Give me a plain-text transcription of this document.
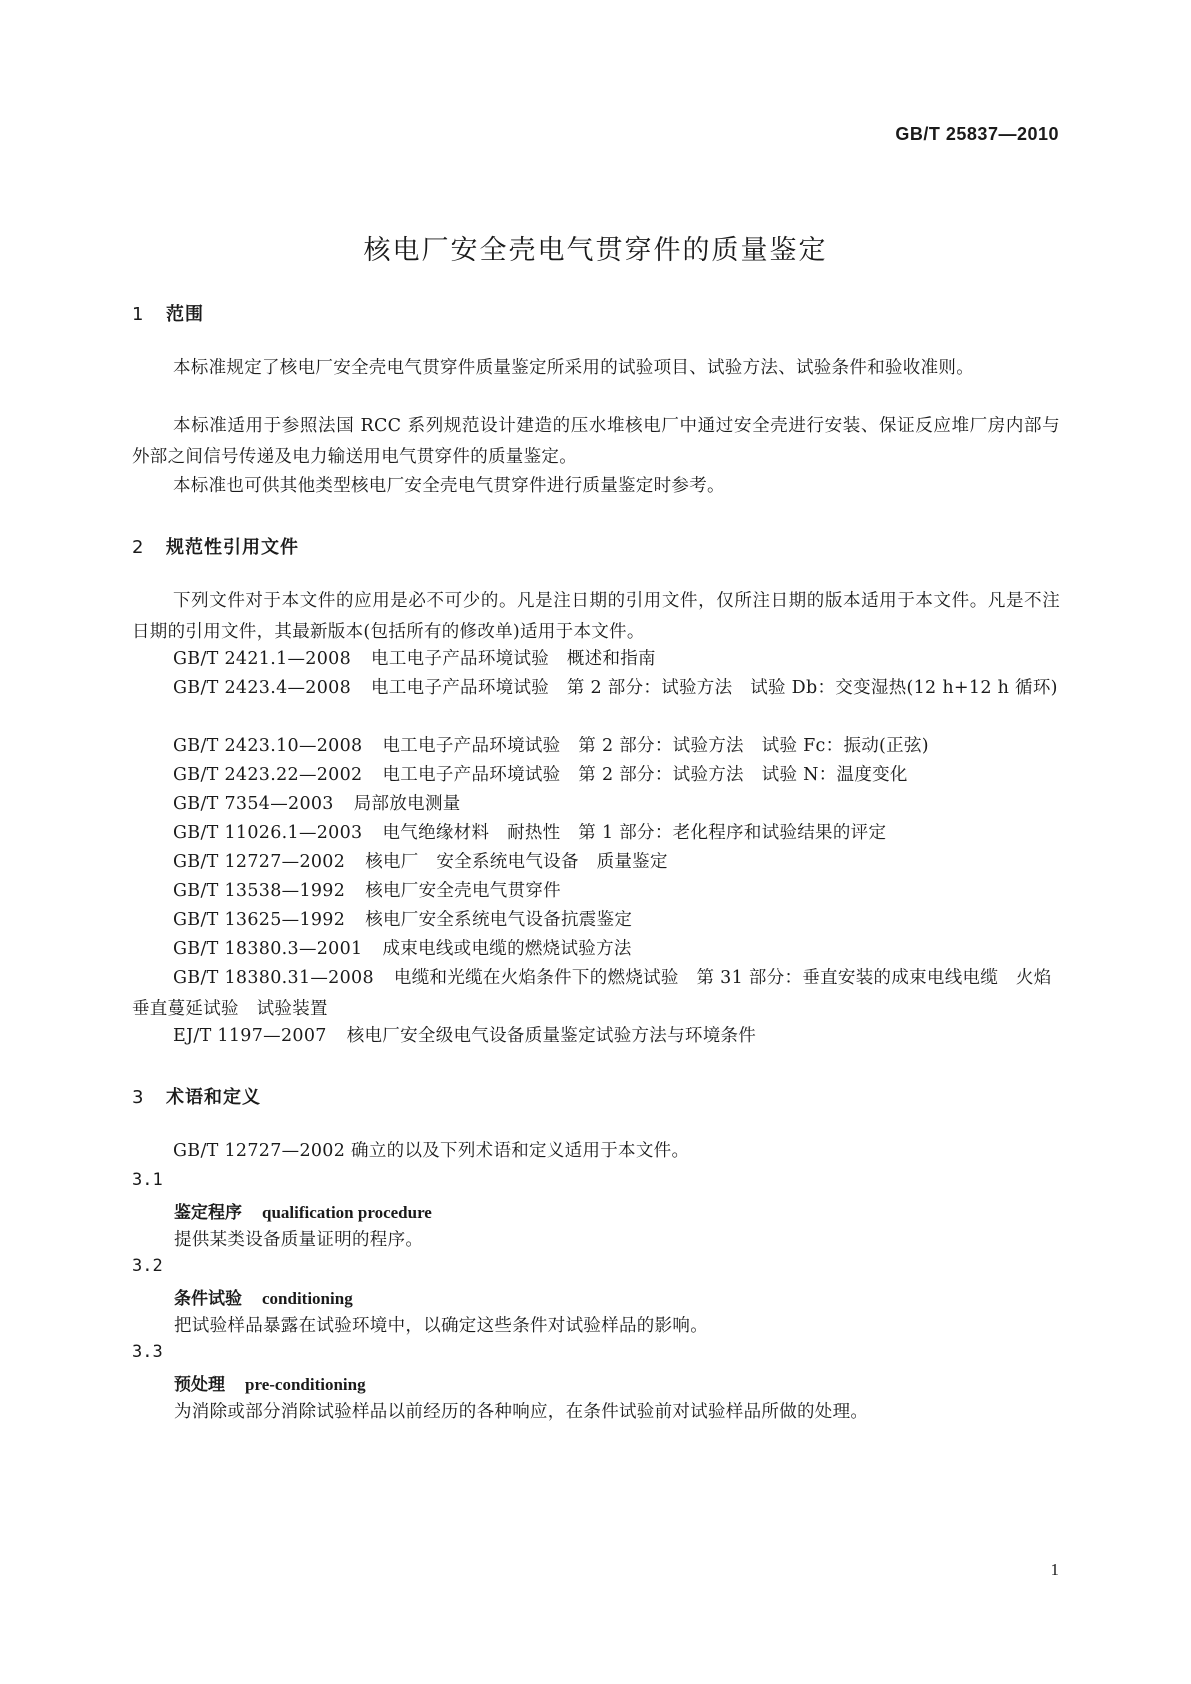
GB/T 25837—2010
核电厂安全壳电气贯穿件的质量鉴定
1 范围
本标准规定了核电厂安全壳电气贯穿件质量鉴定所采用的试验项目、试验方法、试验条件和验收准则。
本标准适用于参照法国 RCC 系列规范设计建造的压水堆核电厂中通过安全壳进行安装、保证反应堆厂房内部与外部之间信号传递及电力输送用电气贯穿件的质量鉴定。
本标准也可供其他类型核电厂安全壳电气贯穿件进行质量鉴定时参考。
2 规范性引用文件
下列文件对于本文件的应用是必不可少的。凡是注日期的引用文件，仅所注日期的版本适用于本文件。凡是不注日期的引用文件，其最新版本(包括所有的修改单)适用于本文件。
GB/T 2421.1—2008 电工电子产品环境试验　概述和指南
GB/T 2423.4—2008 电工电子产品环境试验　第 2 部分：试验方法　试验 Db：交变湿热(12 h+12 h 循环)
GB/T 2423.10—2008 电工电子产品环境试验　第 2 部分：试验方法　试验 Fc：振动(正弦)
GB/T 2423.22—2002 电工电子产品环境试验　第 2 部分：试验方法　试验 N：温度变化
GB/T 7354—2003 局部放电测量
GB/T 11026.1—2003 电气绝缘材料　耐热性　第 1 部分：老化程序和试验结果的评定
GB/T 12727—2002 核电厂　安全系统电气设备　质量鉴定
GB/T 13538—1992 核电厂安全壳电气贯穿件
GB/T 13625—1992 核电厂安全系统电气设备抗震鉴定
GB/T 18380.3—2001 成束电线或电缆的燃烧试验方法
GB/T 18380.31—2008 电缆和光缆在火焰条件下的燃烧试验　第 31 部分：垂直安装的成束电线电缆　火焰垂直蔓延试验　试验装置
EJ/T 1197—2007 核电厂安全级电气设备质量鉴定试验方法与环境条件
3 术语和定义
GB/T 12727—2002 确立的以及下列术语和定义适用于本文件。
3.1
鉴定程序 qualification procedure
提供某类设备质量证明的程序。
3.2
条件试验 conditioning
把试验样品暴露在试验环境中，以确定这些条件对试验样品的影响。
3.3
预处理 pre-conditioning
为消除或部分消除试验样品以前经历的各种响应，在条件试验前对试验样品所做的处理。
1
